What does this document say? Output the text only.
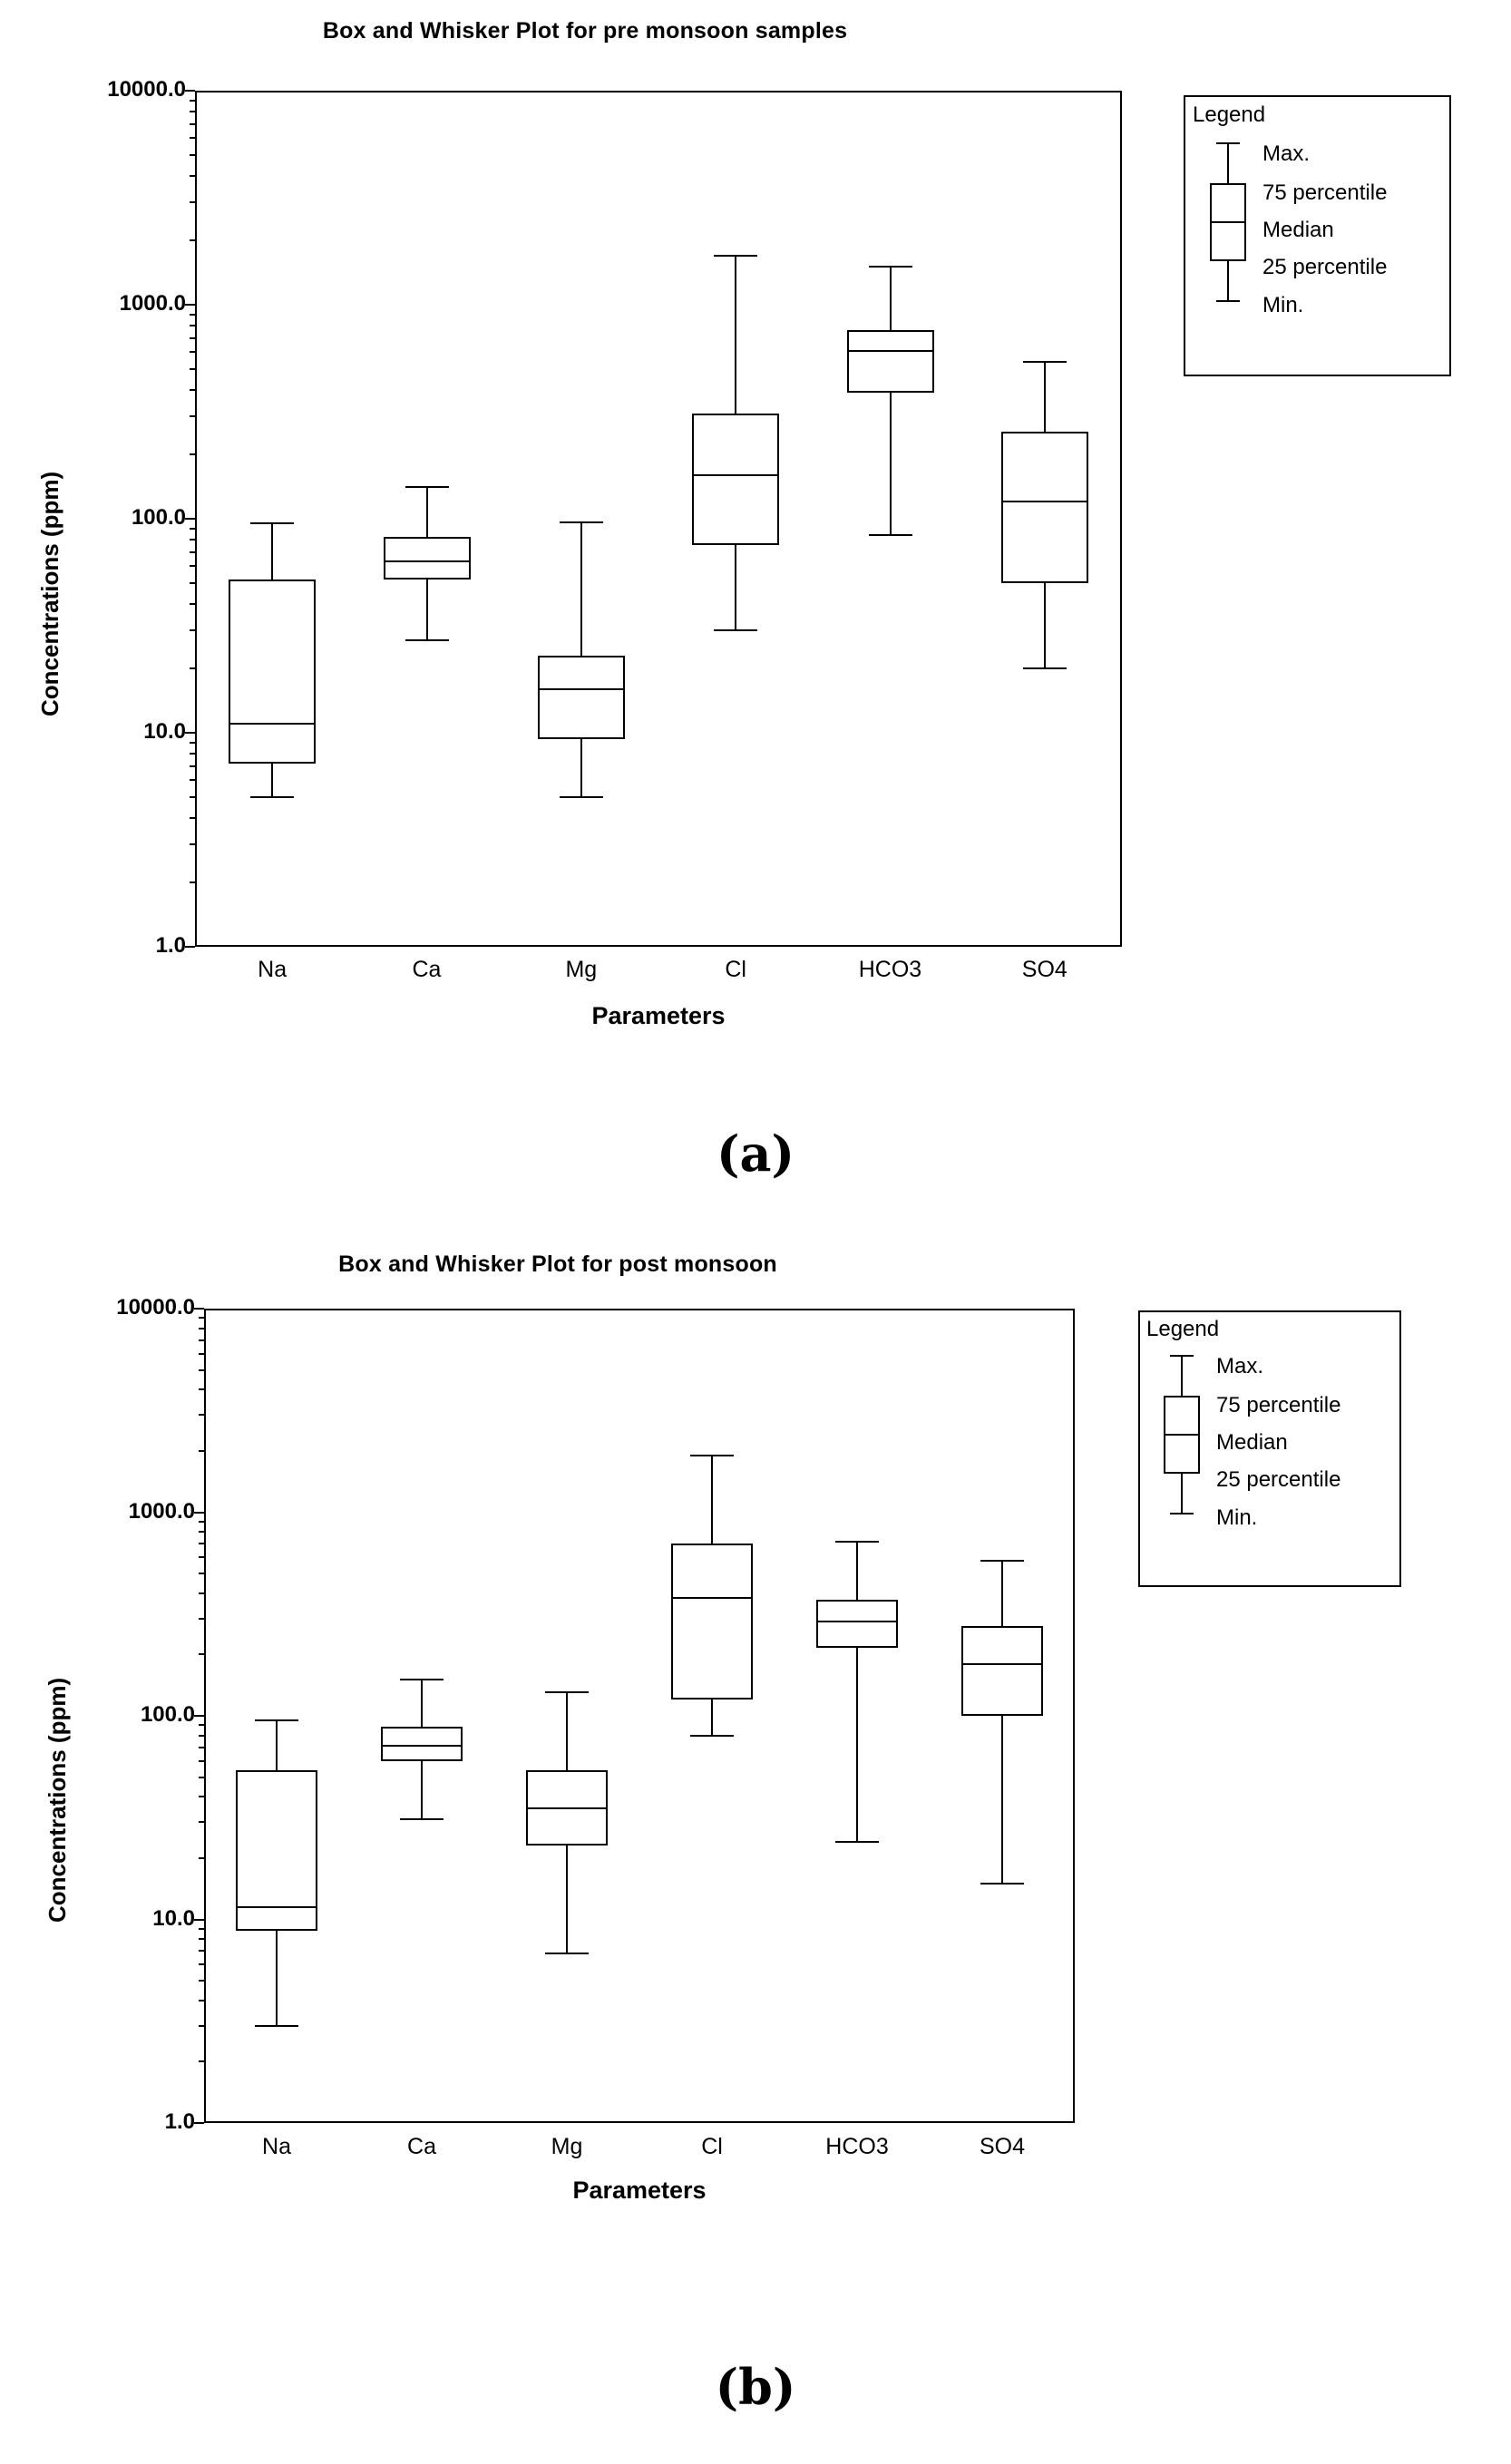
Box and Whisker Plot for pre monsoon samples
Concentrations (ppm)
Parameters
Legend
Max.
75 percentile
Median
25 percentile
Min.
(a)
10000.0
1000.0
100.0
10.0
1.0
Na	Ca	Mg	Cl	HCO3	SO4
Box and Whisker Plot for post monsoon
Concentrations (ppm)
Parameters
Legend
Max.
75 percentile
Median
25 percentile
Min.
(b)
10000.0
1000.0
100.0
10.0
1.0
Na	Ca	Mg	Cl	HCO3	SO4
